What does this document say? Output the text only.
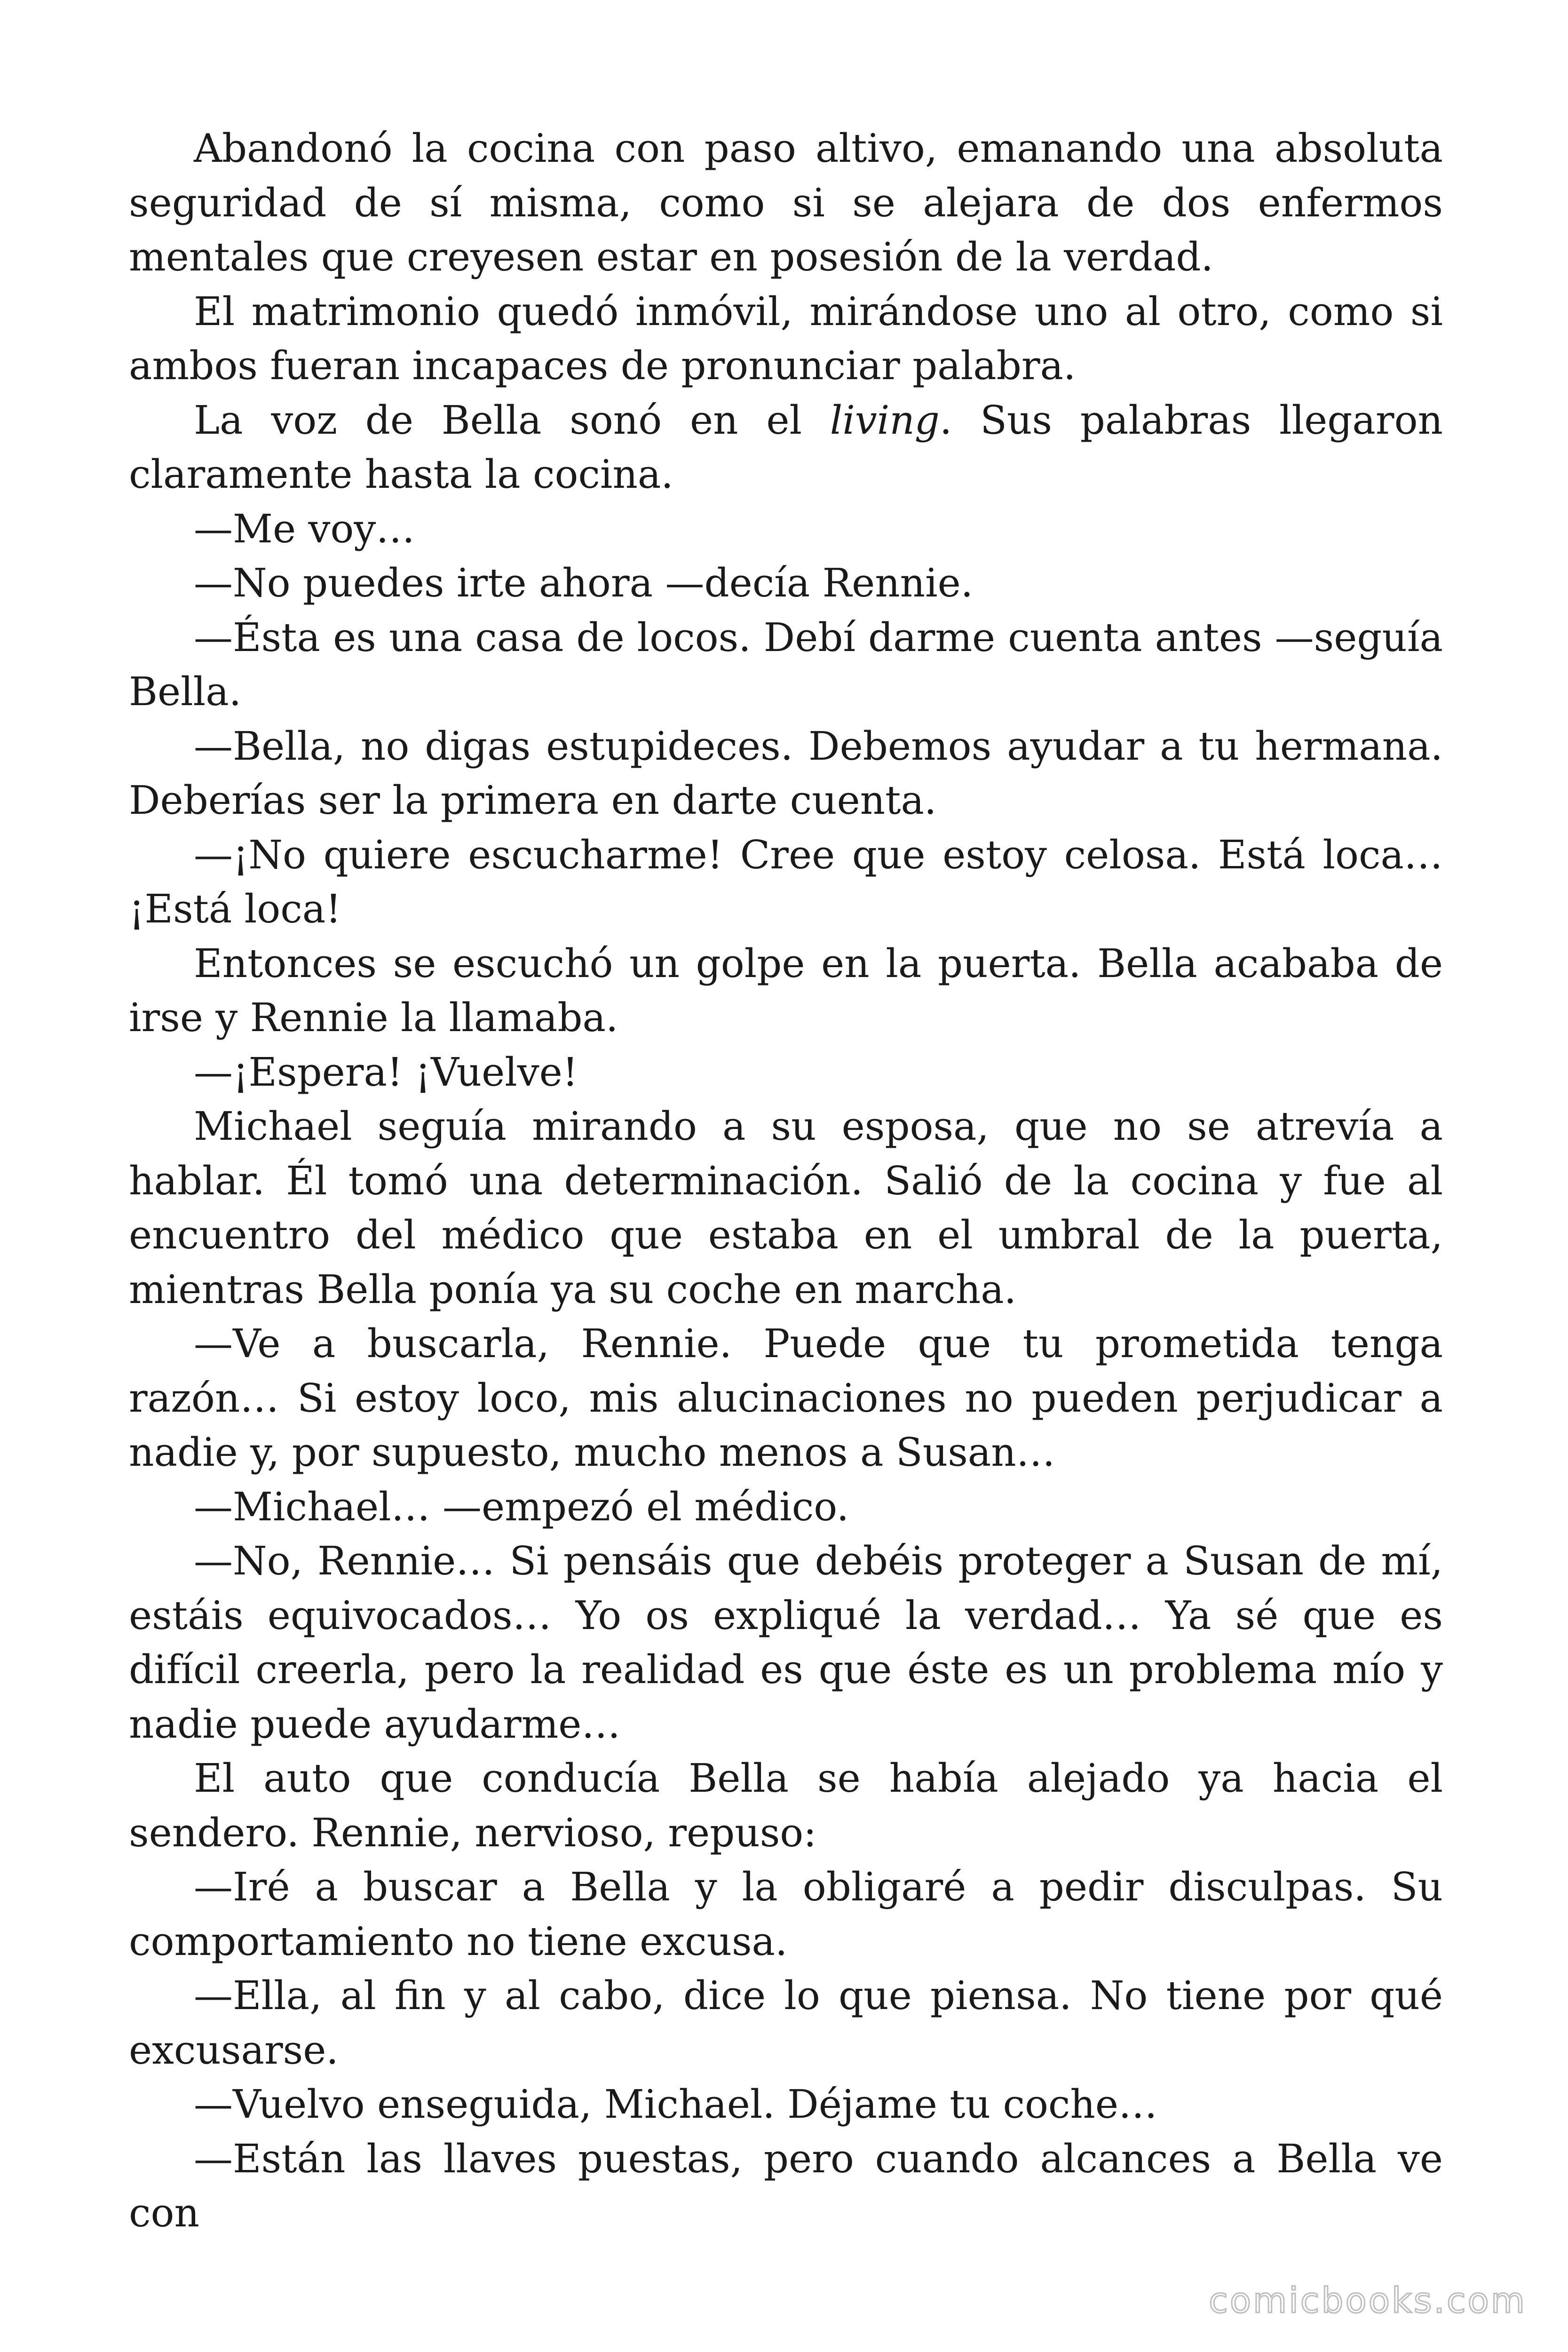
Abandonó la cocina con paso altivo, emanando una absoluta seguridad de sí misma, como si se alejara de dos enfermos mentales que creyesen estar en posesión de la verdad.

El matrimonio quedó inmóvil, mirándose uno al otro, como si ambos fueran incapaces de pronunciar palabra.

La voz de Bella sonó en el living. Sus palabras llegaron claramente hasta la cocina.

—Me voy…

—No puedes irte ahora —decía Rennie.

—Ésta es una casa de locos. Debí darme cuenta antes —seguía Bella.

—Bella, no digas estupideces. Debemos ayudar a tu hermana. Deberías ser la primera en darte cuenta.

—¡No quiere escucharme! Cree que estoy celosa. Está loca… ¡Está loca!

Entonces se escuchó un golpe en la puerta. Bella acababa de irse y Rennie la llamaba.

—¡Espera! ¡Vuelve!

Michael seguía mirando a su esposa, que no se atrevía a hablar. Él tomó una determinación. Salió de la cocina y fue al encuentro del médico que estaba en el umbral de la puerta, mientras Bella ponía ya su coche en marcha.

—Ve a buscarla, Rennie. Puede que tu prometida tenga razón… Si estoy loco, mis alucinaciones no pueden perjudicar a nadie y, por supuesto, mucho menos a Susan…

—Michael… —empezó el médico.

—No, Rennie… Si pensáis que debéis proteger a Susan de mí, estáis equivocados… Yo os expliqué la verdad… Ya sé que es difícil creerla, pero la realidad es que éste es un problema mío y nadie puede ayudarme…

El auto que conducía Bella se había alejado ya hacia el sendero. Rennie, nervioso, repuso:

—Iré a buscar a Bella y la obligaré a pedir disculpas. Su comportamiento no tiene excusa.

—Ella, al fin y al cabo, dice lo que piensa. No tiene por qué excusarse.

—Vuelvo enseguida, Michael. Déjame tu coche…

—Están las llaves puestas, pero cuando alcances a Bella ve con

comicbooks.com
